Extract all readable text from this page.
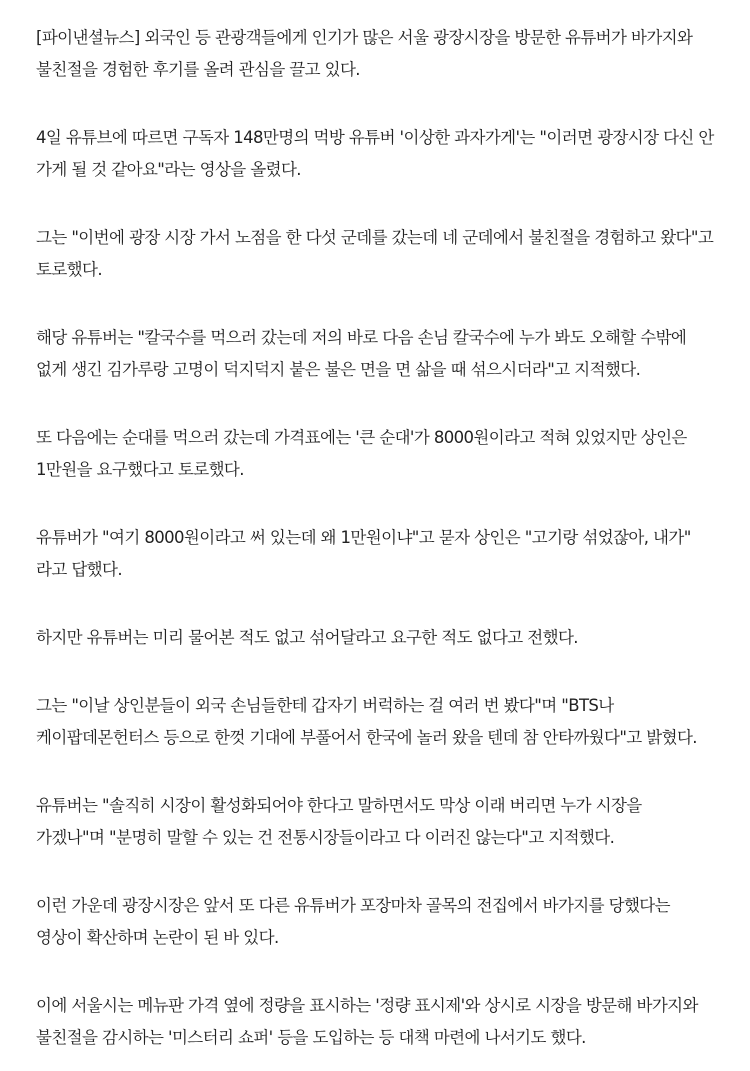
[파이낸셜뉴스] 외국인 등 관광객들에게 인기가 많은 서울 광장시장을 방문한 유튜버가 바가지와 불친절을 경험한 후기를 올려 관심을 끌고 있다.

4일 유튜브에 따르면 구독자 148만명의 먹방 유튜버 '이상한 과자가게'는 "이러면 광장시장 다신 안 가게 될 것 같아요"라는 영상을 올렸다.

그는 "이번에 광장 시장 가서 노점을 한 다섯 군데를 갔는데 네 군데에서 불친절을 경험하고 왔다"고 토로했다.

해당 유튜버는 "칼국수를 먹으러 갔는데 저의 바로 다음 손님 칼국수에 누가 봐도 오해할 수밖에 없게 생긴 김가루랑 고명이 덕지덕지 붙은 불은 면을 면 삶을 때 섞으시더라"고 지적했다.

또 다음에는 순대를 먹으러 갔는데 가격표에는 '큰 순대'가 8000원이라고 적혀 있었지만 상인은 1만원을 요구했다고 토로했다.

유튜버가 "여기 8000원이라고 써 있는데 왜 1만원이냐"고 묻자 상인은 "고기랑 섞었잖아, 내가" 라고 답했다.

하지만 유튜버는 미리 물어본 적도 없고 섞어달라고 요구한 적도 없다고 전했다.

그는 "이날 상인분들이 외국 손님들한테 갑자기 버럭하는 걸 여러 번 봤다"며 "BTS나 케이팝데몬헌터스 등으로 한껏 기대에 부풀어서 한국에 놀러 왔을 텐데 참 안타까웠다"고 밝혔다.

유튜버는 "솔직히 시장이 활성화되어야 한다고 말하면서도 막상 이래 버리면 누가 시장을 가겠나"며 "분명히 말할 수 있는 건 전통시장들이라고 다 이러진 않는다"고 지적했다.

이런 가운데 광장시장은 앞서 또 다른 유튜버가 포장마차 골목의 전집에서 바가지를 당했다는 영상이 확산하며 논란이 된 바 있다.

이에 서울시는 메뉴판 가격 옆에 정량을 표시하는 '정량 표시제'와 상시로 시장을 방문해 바가지와 불친절을 감시하는 '미스터리 쇼퍼' 등을 도입하는 등 대책 마련에 나서기도 했다.
